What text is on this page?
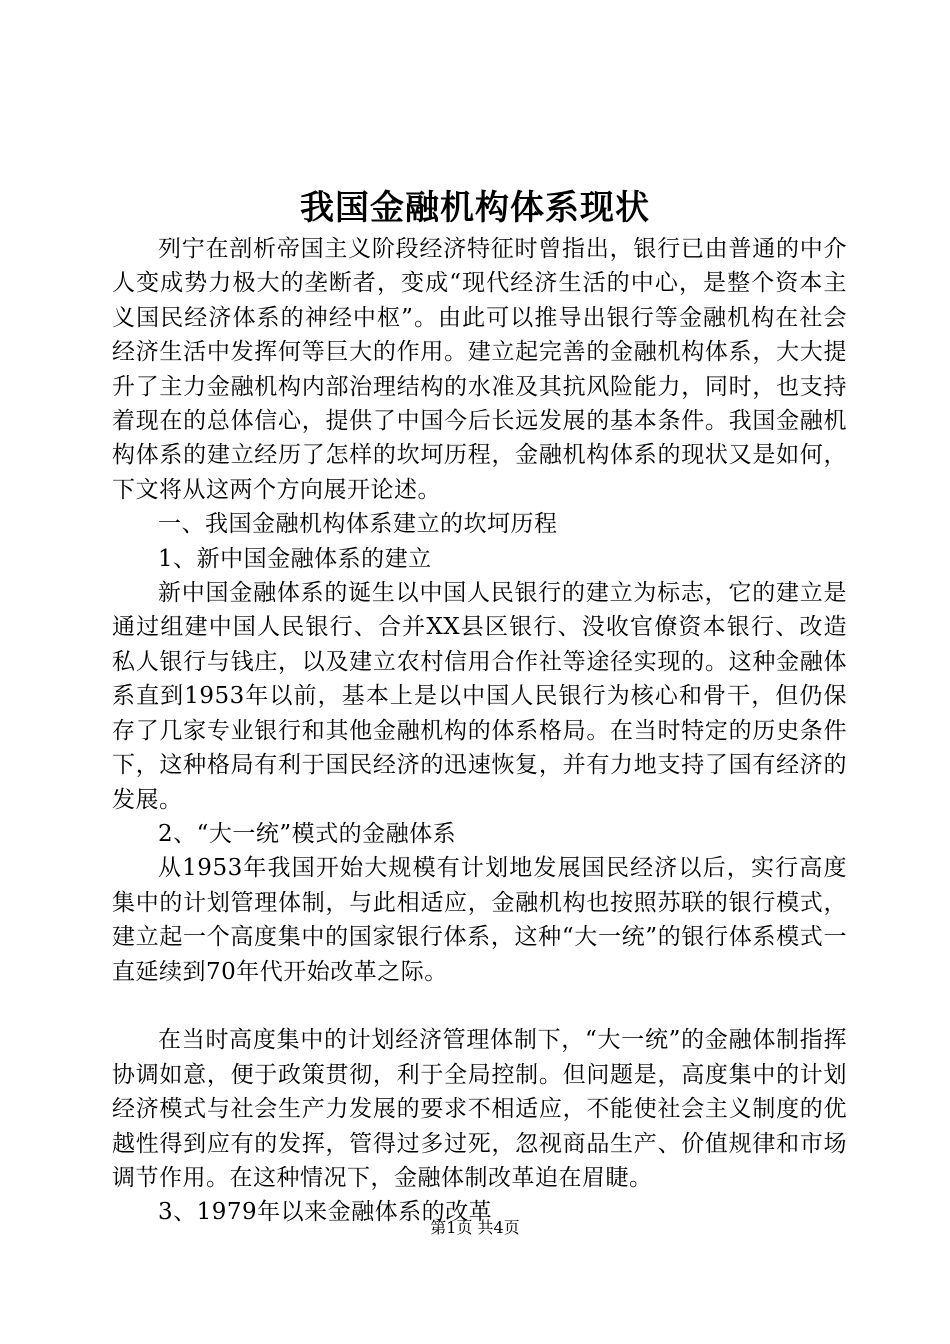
我国金融机构体系现状

列宁在剖析帝国主义阶段经济特征时曾指出，银行已由普通的中介人变成势力极大的垄断者，变成“现代经济生活的中心，是整个资本主义国民经济体系的神经中枢”。由此可以推导出银行等金融机构在社会经济生活中发挥何等巨大的作用。建立起完善的金融机构体系，大大提升了主力金融机构内部治理结构的水准及其抗风险能力，同时，也支持着现在的总体信心，提供了中国今后长远发展的基本条件。我国金融机构体系的建立经历了怎样的坎坷历程，金融机构体系的现状又是如何，下文将从这两个方向展开论述。

一、我国金融机构体系建立的坎坷历程

1、新中国金融体系的建立

新中国金融体系的诞生以中国人民银行的建立为标志，它的建立是通过组建中国人民银行、合并XX县区银行、没收官僚资本银行、改造私人银行与钱庄，以及建立农村信用合作社等途径实现的。这种金融体系直到1953年以前，基本上是以中国人民银行为核心和骨干，但仍保存了几家专业银行和其他金融机构的体系格局。在当时特定的历史条件下，这种格局有利于国民经济的迅速恢复，并有力地支持了国有经济的发展。

2、“大一统”模式的金融体系

从1953年我国开始大规模有计划地发展国民经济以后，实行高度集中的计划管理体制，与此相适应，金融机构也按照苏联的银行模式，建立起一个高度集中的国家银行体系，这种“大一统”的银行体系模式一直延续到70年代开始改革之际。

在当时高度集中的计划经济管理体制下，“大一统”的金融体制指挥协调如意，便于政策贯彻，利于全局控制。但问题是，高度集中的计划经济模式与社会生产力发展的要求不相适应，不能使社会主义制度的优越性得到应有的发挥，管得过多过死，忽视商品生产、价值规律和市场调节作用。在这种情况下，金融体制改革迫在眉睫。

3、1979年以来金融体系的改革

第1页 共4页
